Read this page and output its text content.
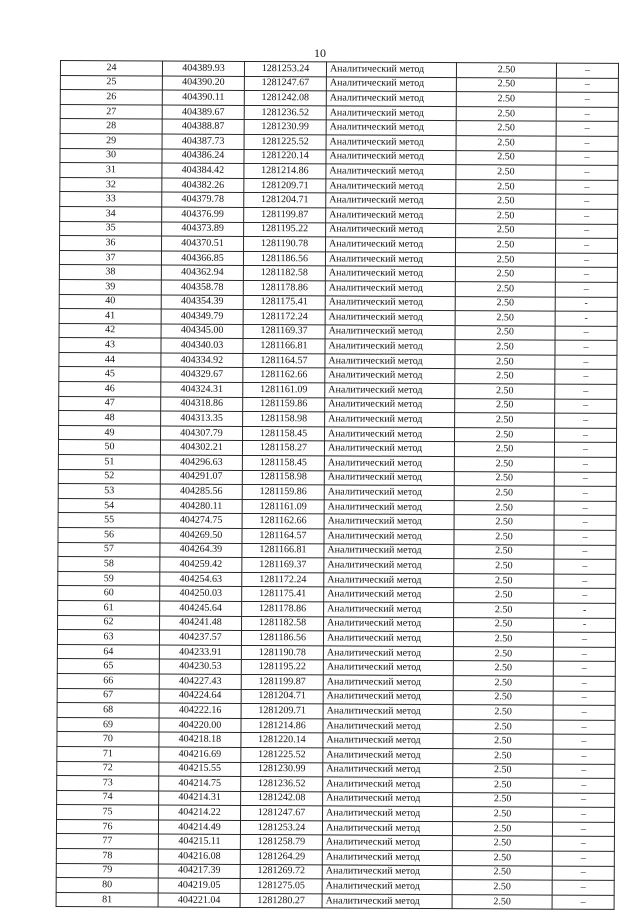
10
24	404389.93	1281253.24	Аналитический метод	2.50	–
25	404390.20	1281247.67	Аналитический метод	2.50	–
26	404390.11	1281242.08	Аналитический метод	2.50	–
27	404389.67	1281236.52	Аналитический метод	2.50	–
28	404388.87	1281230.99	Аналитический метод	2.50	–
29	404387.73	1281225.52	Аналитический метод	2.50	–
30	404386.24	1281220.14	Аналитический метод	2.50	–
31	404384.42	1281214.86	Аналитический метод	2.50	–
32	404382.26	1281209.71	Аналитический метод	2.50	–
33	404379.78	1281204.71	Аналитический метод	2.50	–
34	404376.99	1281199.87	Аналитический метод	2.50	–
35	404373.89	1281195.22	Аналитический метод	2.50	–
36	404370.51	1281190.78	Аналитический метод	2.50	–
37	404366.85	1281186.56	Аналитический метод	2.50	–
38	404362.94	1281182.58	Аналитический метод	2.50	–
39	404358.78	1281178.86	Аналитический метод	2.50	–
40	404354.39	1281175.41	Аналитический метод	2.50	-
41	404349.79	1281172.24	Аналитический метод	2.50	-
42	404345.00	1281169.37	Аналитический метод	2.50	–
43	404340.03	1281166.81	Аналитический метод	2.50	–
44	404334.92	1281164.57	Аналитический метод	2.50	–
45	404329.67	1281162.66	Аналитический метод	2.50	–
46	404324.31	1281161.09	Аналитический метод	2.50	–
47	404318.86	1281159.86	Аналитический метод	2.50	–
48	404313.35	1281158.98	Аналитический метод	2.50	–
49	404307.79	1281158.45	Аналитический метод	2.50	–
50	404302.21	1281158.27	Аналитический метод	2.50	–
51	404296.63	1281158.45	Аналитический метод	2.50	–
52	404291.07	1281158.98	Аналитический метод	2.50	–
53	404285.56	1281159.86	Аналитический метод	2.50	–
54	404280.11	1281161.09	Аналитический метод	2.50	–
55	404274.75	1281162.66	Аналитический метод	2.50	–
56	404269.50	1281164.57	Аналитический метод	2.50	–
57	404264.39	1281166.81	Аналитический метод	2.50	–
58	404259.42	1281169.37	Аналитический метод	2.50	–
59	404254.63	1281172.24	Аналитический метод	2.50	–
60	404250.03	1281175.41	Аналитический метод	2.50	–
61	404245.64	1281178.86	Аналитический метод	2.50	-
62	404241.48	1281182.58	Аналитический метод	2.50	-
63	404237.57	1281186.56	Аналитический метод	2.50	–
64	404233.91	1281190.78	Аналитический метод	2.50	–
65	404230.53	1281195.22	Аналитический метод	2.50	–
66	404227.43	1281199.87	Аналитический метод	2.50	–
67	404224.64	1281204.71	Аналитический метод	2.50	–
68	404222.16	1281209.71	Аналитический метод	2.50	–
69	404220.00	1281214.86	Аналитический метод	2.50	–
70	404218.18	1281220.14	Аналитический метод	2.50	–
71	404216.69	1281225.52	Аналитический метод	2.50	–
72	404215.55	1281230.99	Аналитический метод	2.50	–
73	404214.75	1281236.52	Аналитический метод	2.50	–
74	404214.31	1281242.08	Аналитический метод	2.50	–
75	404214.22	1281247.67	Аналитический метод	2.50	–
76	404214.49	1281253.24	Аналитический метод	2.50	–
77	404215.11	1281258.79	Аналитический метод	2.50	–
78	404216.08	1281264.29	Аналитический метод	2.50	–
79	404217.39	1281269.72	Аналитический метод	2.50	–
80	404219.05	1281275.05	Аналитический метод	2.50	–
81	404221.04	1281280.27	Аналитический метод	2.50	–
